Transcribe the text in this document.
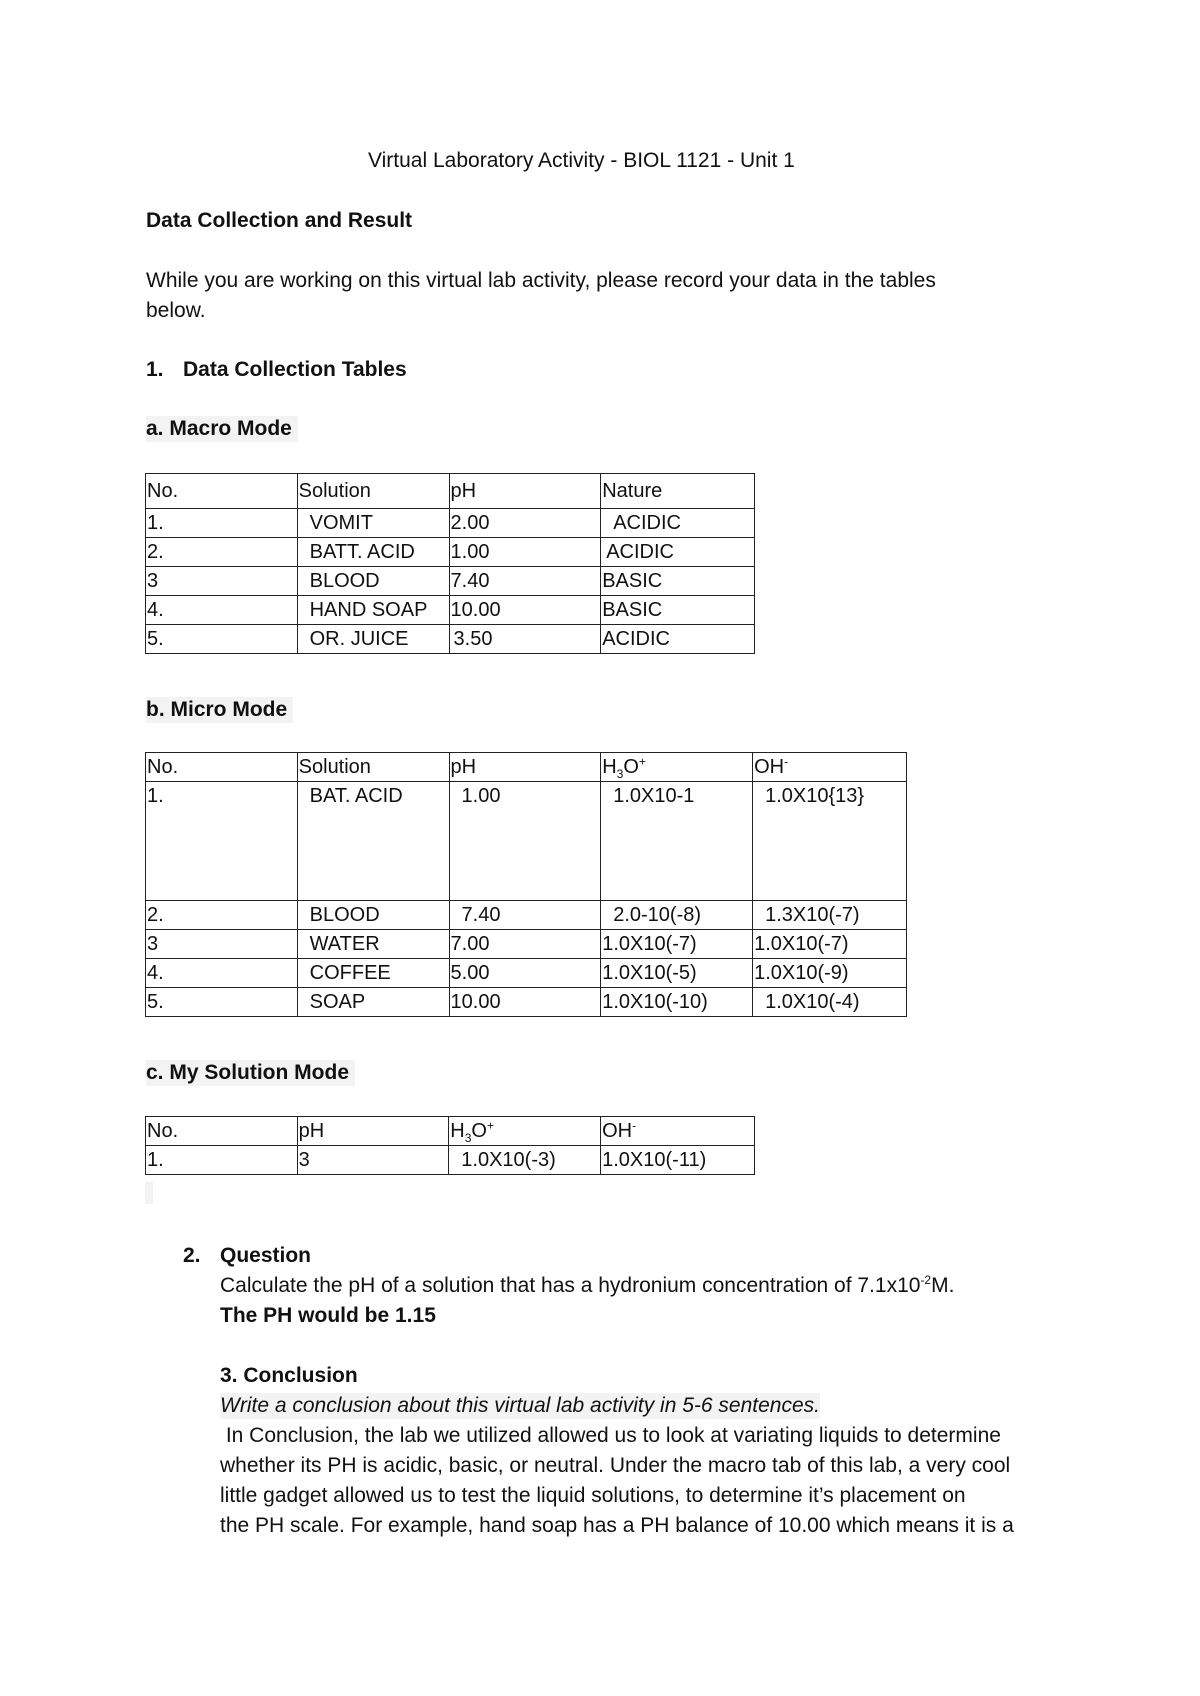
Virtual Laboratory Activity - BIOL 1121 - Unit 1
Data Collection and Result
While you are working on this virtual lab activity, please record your data in the tables
below.
1. Data Collection Tables
a. Macro Mode
No.	Solution	pH	Nature
1.	VOMIT	2.00	ACIDIC
2.	BATT. ACID	1.00	ACIDIC
3	BLOOD	7.40	BASIC
4.	HAND SOAP	10.00	BASIC
5.	OR. JUICE	3.50	ACIDIC
b. Micro Mode
No.	Solution	pH	$H_3O^+$	OH-
1.	BAT. ACID	1.00	1.0X10-1	1.0X10{13}
2.	BLOOD	7.40	2.0-10(-8)	1.3X10(-7)
3	WATER	7.00	1.0X10(-7)	1.0X10(-7)
4.	COFFEE	5.00	1.0X10(-5)	1.0X10(-9)
5.	SOAP	10.00	1.0X10(-10)	1.0X10(-4)
c. My Solution Mode
No.	pH	$H_3O^+$	OH-
1.	3	1.0X10(-3)	1.0X10(-11)
2. Question
Calculate the pH of a solution that has a hydronium concentration of $7.1x10^{-2}M$.
The PH would be 1.15
3. Conclusion
Write a conclusion about this virtual lab activity in 5-6 sentences.
In Conclusion, the lab we utilized allowed us to look at variating liquids to determine
whether its PH is acidic, basic, or neutral. Under the macro tab of this lab, a very cool
little gadget allowed us to test the liquid solutions, to determine it’s placement on
the PH scale. For example, hand soap has a PH balance of 10.00 which means it is a
